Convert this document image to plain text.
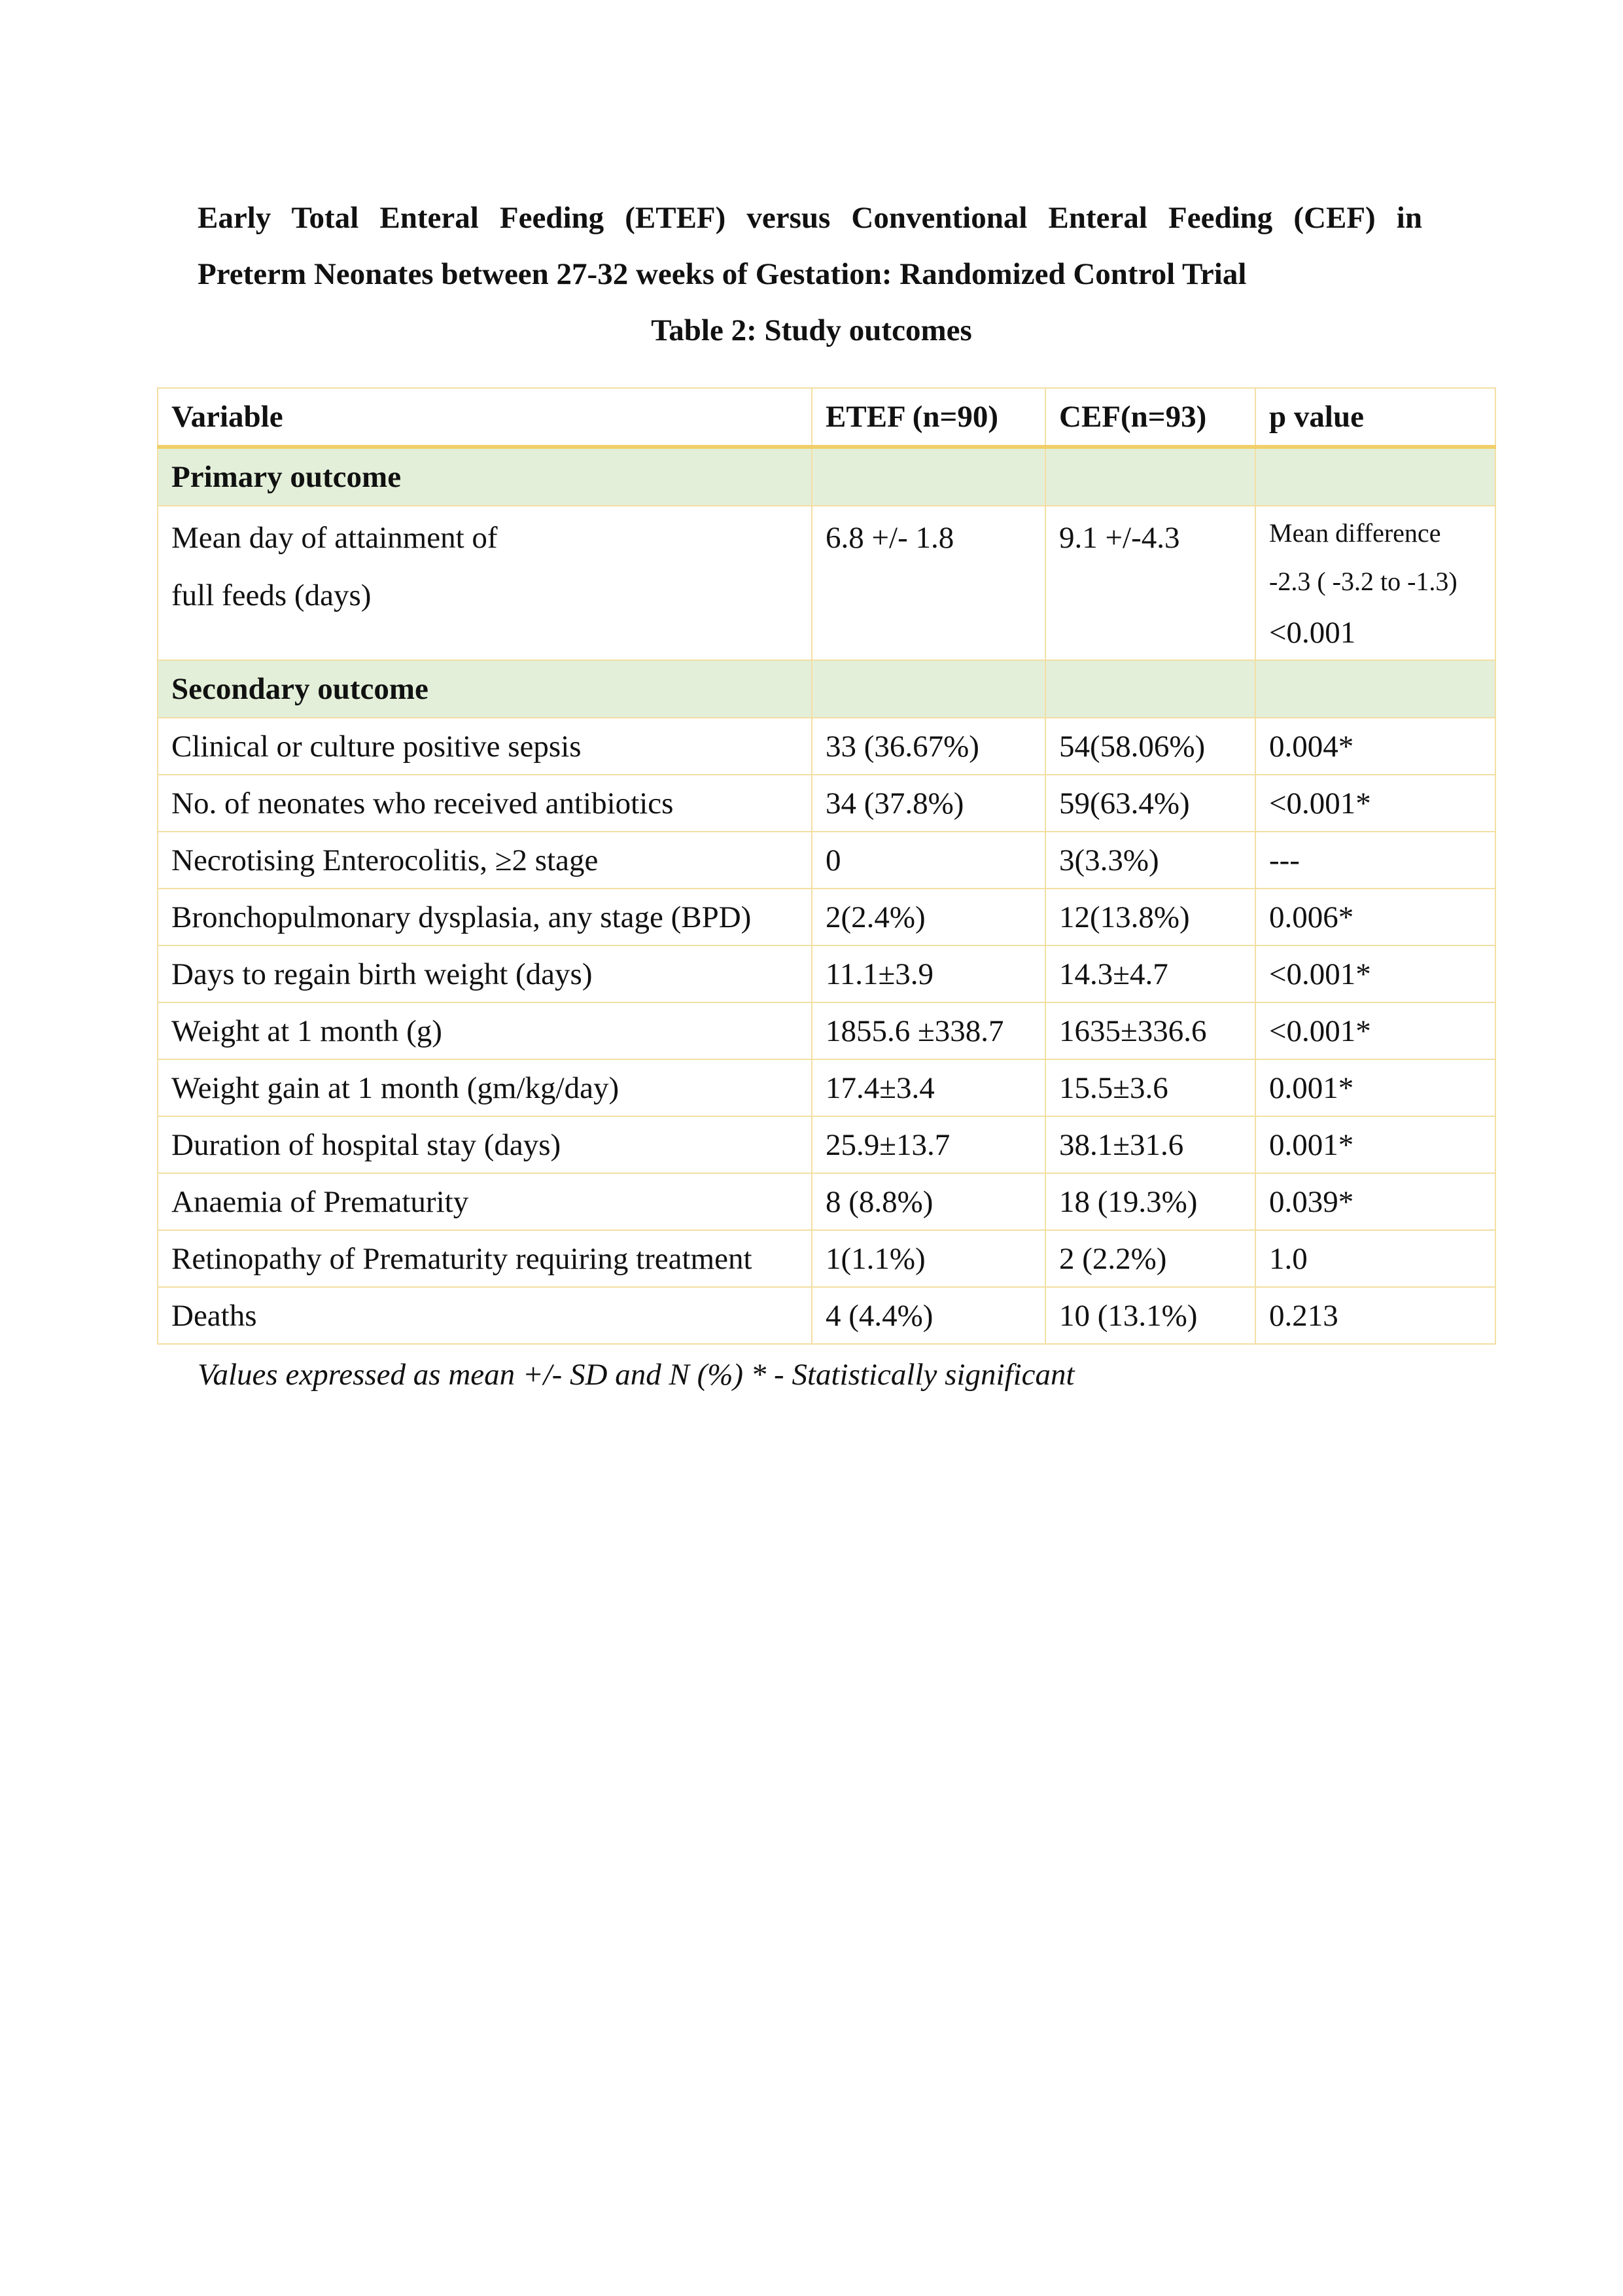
Early Total Enteral Feeding (ETEF) versus Conventional Enteral Feeding (CEF) in

Preterm Neonates between 27-32 weeks of Gestation: Randomized Control Trial

Table 2: Study outcomes

Variable	ETEF (n=90)	CEF(n=93)	p value
Primary outcome			

Mean day of attainment of
full feeds (days)	6.8 +/- 1.8	9.1 +/-4.3	Mean difference
-2.3 ( -3.2 to -1.3)
<0.001

Secondary outcome			
Clinical or culture positive sepsis	33 (36.67%)	54(58.06%)	0.004*
No. of neonates who received antibiotics	34 (37.8%)	59(63.4%)	<0.001*
Necrotising Enterocolitis, ≥2 stage	0	3(3.3%)	---
Bronchopulmonary dysplasia, any stage (BPD)	2(2.4%)	12(13.8%)	0.006*
Days to regain birth weight (days)	11.1±3.9	14.3±4.7	<0.001*
Weight at 1 month (g)	1855.6 ±338.7	1635±336.6	<0.001*
Weight gain at 1 month (gm/kg/day)	17.4±3.4	15.5±3.6	0.001*
Duration of hospital stay (days)	25.9±13.7	38.1±31.6	0.001*
Anaemia of Prematurity	8 (8.8%)	18 (19.3%)	0.039*
Retinopathy of Prematurity requiring treatment	1(1.1%)	2 (2.2%)	1.0
Deaths	4 (4.4%)	10 (13.1%)	0.213

Values expressed as mean +/- SD and N (%) * - Statistically significant
